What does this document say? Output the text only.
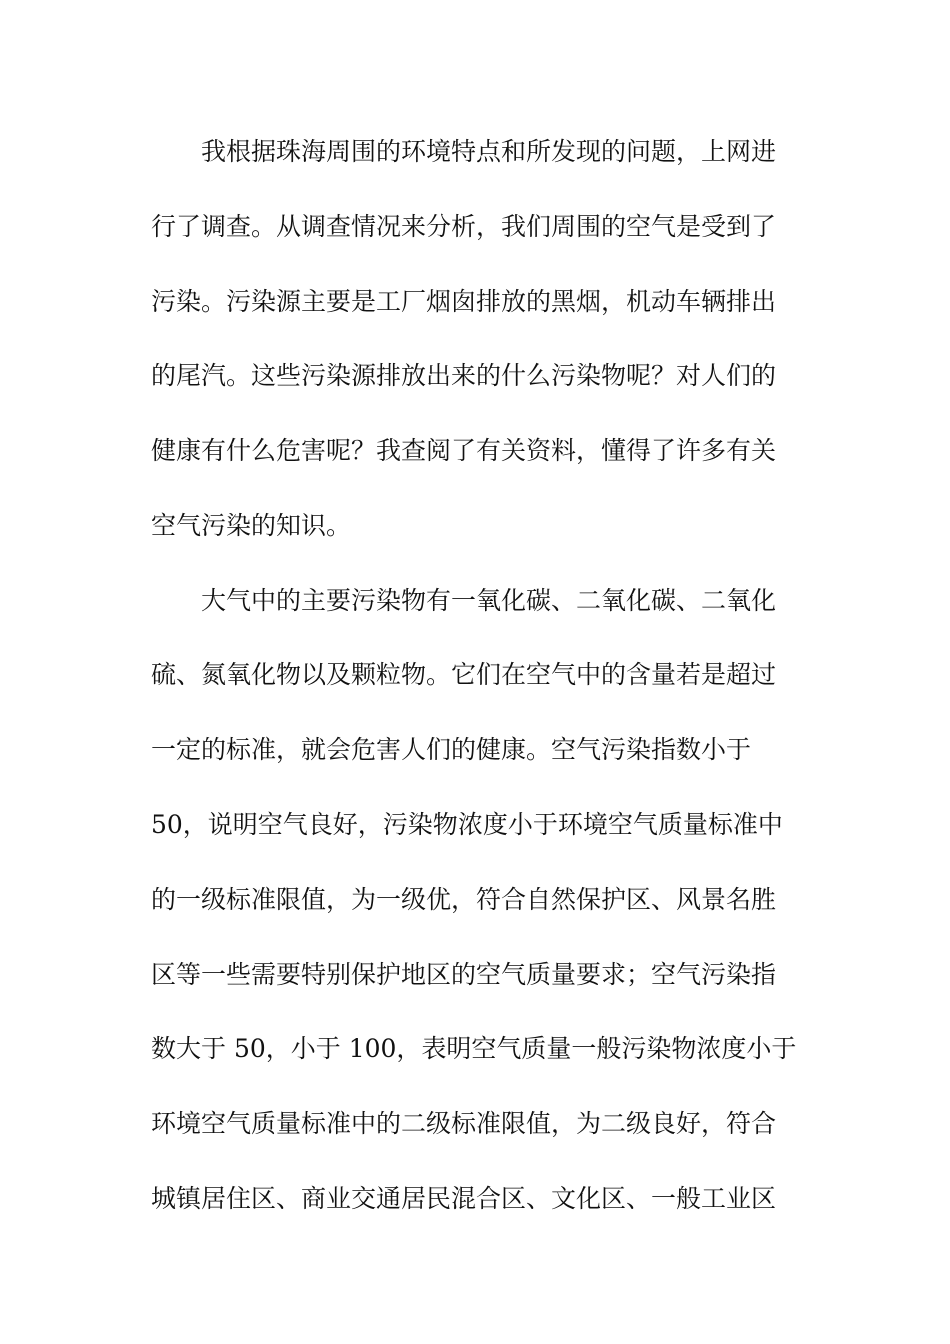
我根据珠海周围的环境特点和所发现的问题，上网进
行了调查。从调查情况来分析，我们周围的空气是受到了
污染。污染源主要是工厂烟囱排放的黑烟，机动车辆排出
的尾汽。这些污染源排放出来的什么污染物呢？对人们的
健康有什么危害呢？我查阅了有关资料，懂得了许多有关
空气污染的知识。
大气中的主要污染物有一氧化碳、二氧化碳、二氧化
硫、氮氧化物以及颗粒物。它们在空气中的含量若是超过
一定的标准，就会危害人们的健康。空气污染指数小于
50，说明空气良好，污染物浓度小于环境空气质量标准中
的一级标准限值，为一级优，符合自然保护区、风景名胜
区等一些需要特别保护地区的空气质量要求；空气污染指
数大于 50，小于 100，表明空气质量一般污染物浓度小于
环境空气质量标准中的二级标准限值，为二级良好，符合
城镇居住区、商业交通居民混合区、文化区、一般工业区
